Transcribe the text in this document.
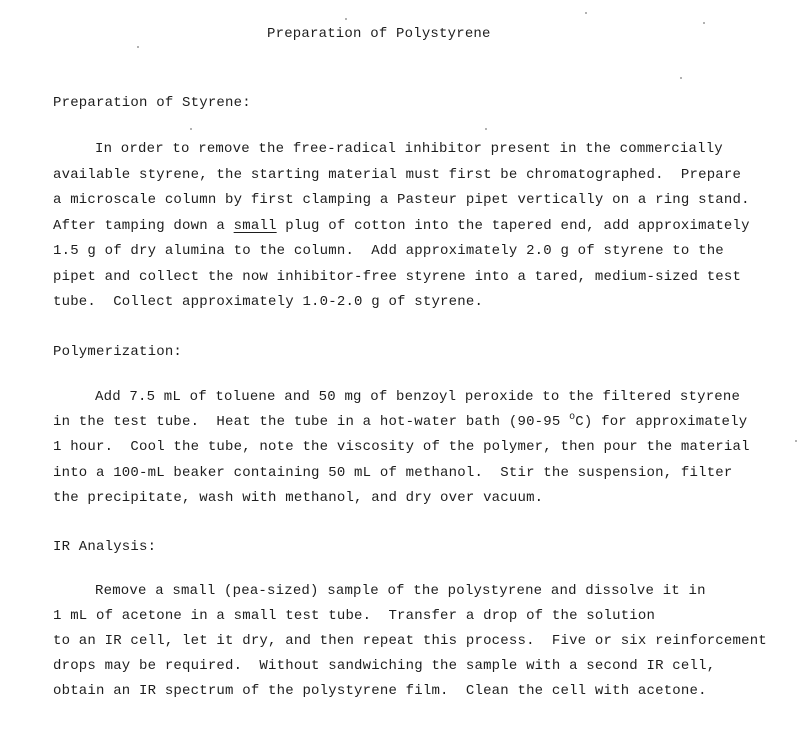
Preparation of Polystyrene
Preparation of Styrene:
In order to remove the free-radical inhibitor present in the commercially
available styrene, the starting material must first be chromatographed.  Prepare
a microscale column by first clamping a Pasteur pipet vertically on a ring stand.
After tamping down a small plug of cotton into the tapered end, add approximately
1.5 g of dry alumina to the column.  Add approximately 2.0 g of styrene to the
pipet and collect the now inhibitor-free styrene into a tared, medium-sized test
tube.  Collect approximately 1.0-2.0 g of styrene.
Polymerization:
Add 7.5 mL of toluene and 50 mg of benzoyl peroxide to the filtered styrene
in the test tube.  Heat the tube in a hot-water bath (90-95 $^o$C) for approximately
1 hour.  Cool the tube, note the viscosity of the polymer, then pour the material
into a 100-mL beaker containing 50 mL of methanol.  Stir the suspension, filter
the precipitate, wash with methanol, and dry over vacuum.
IR Analysis:
Remove a small (pea-sized) sample of the polystyrene and dissolve it in
1 mL of acetone in a small test tube.  Transfer a drop of the solution
to an IR cell, let it dry, and then repeat this process.  Five or six reinforcement
drops may be required.  Without sandwiching the sample with a second IR cell,
obtain an IR spectrum of the polystyrene film.  Clean the cell with acetone.
